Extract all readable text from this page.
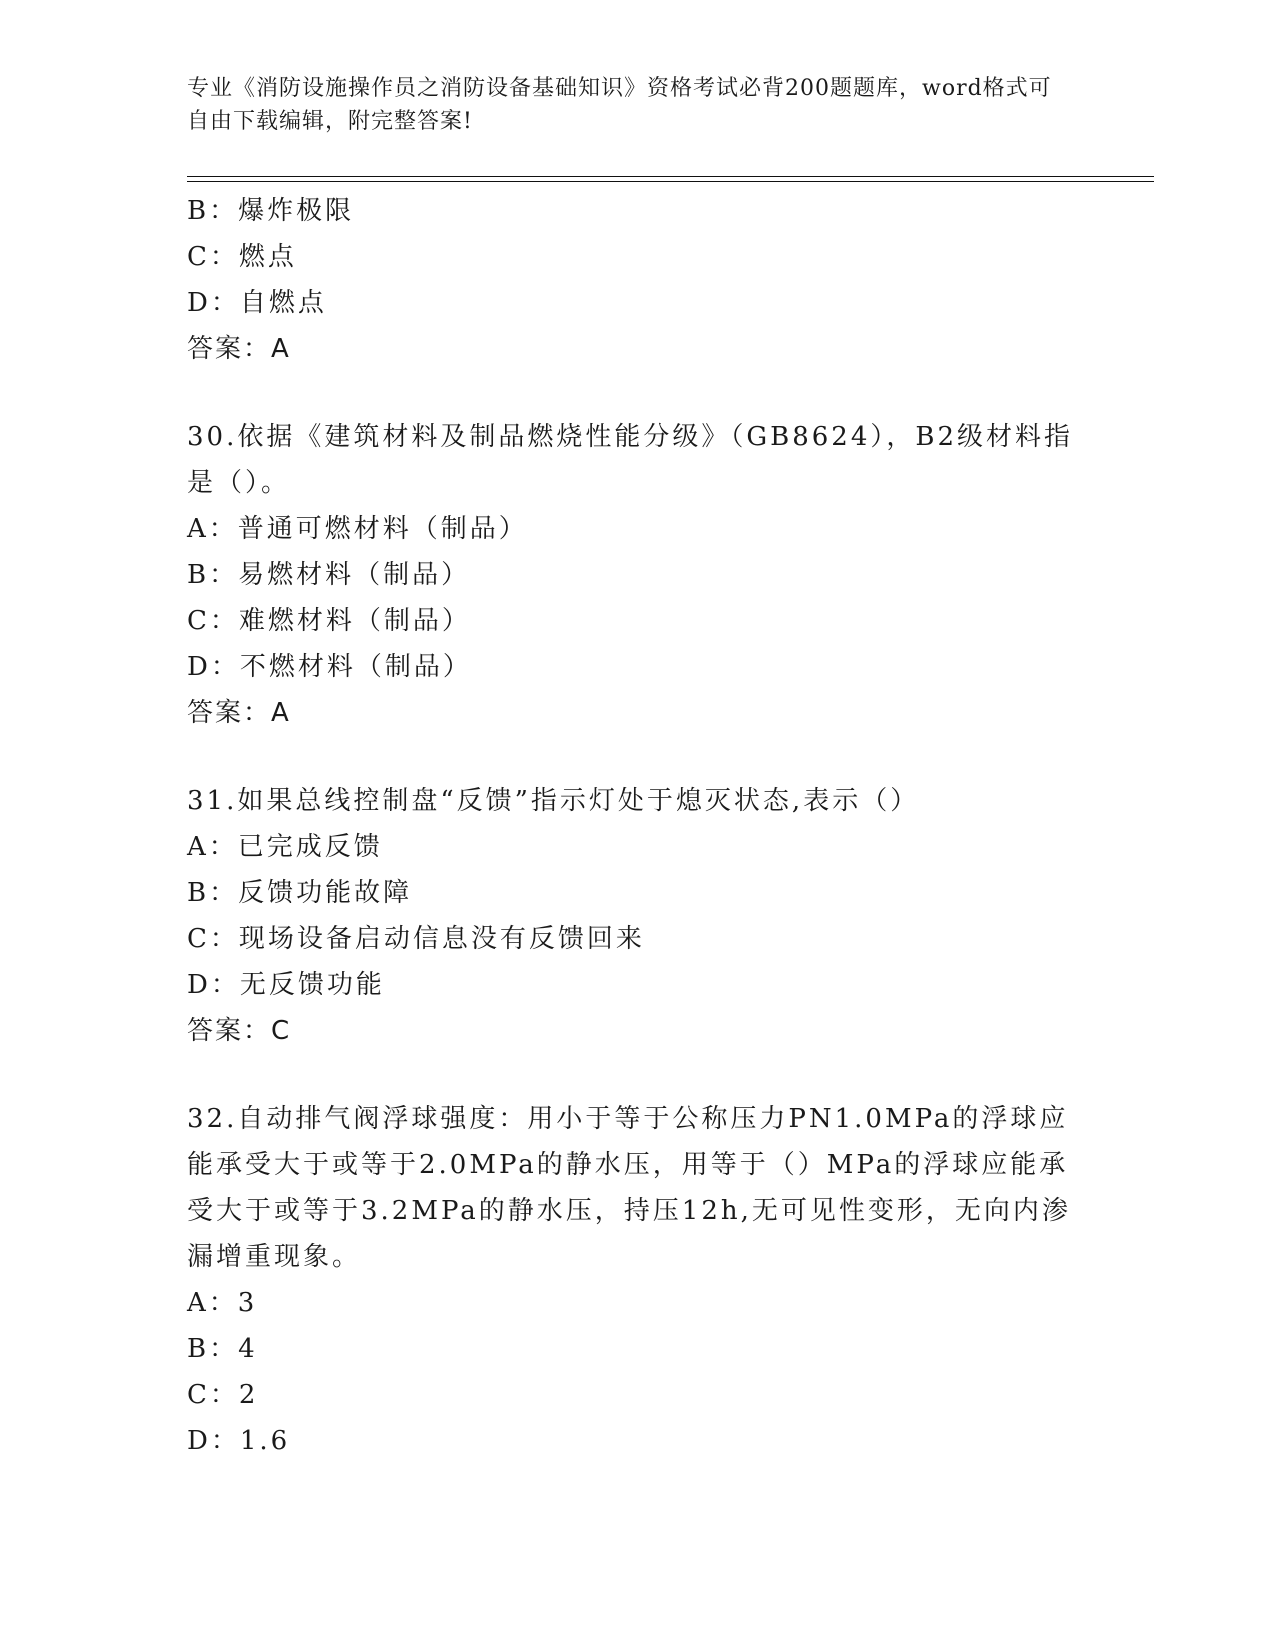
专业《消防设施操作员之消防设备基础知识》资格考试必背200题题库，word格式可自由下载编辑，附完整答案!
B：爆炸极限
C：燃点
D：自燃点
答案：A
30.依据《建筑材料及制品燃烧性能分级》（GB8624），B2级材料指是（）。
A：普通可燃材料（制品）
B：易燃材料（制品）
C：难燃材料（制品）
D：不燃材料（制品）
答案：A
31.如果总线控制盘“反馈”指示灯处于熄灭状态,表示（）
A：已完成反馈
B：反馈功能故障
C：现场设备启动信息没有反馈回来
D：无反馈功能
答案：C
32.自动排气阀浮球强度：用小于等于公称压力PN1.0MPa的浮球应能承受大于或等于2.0MPa的静水压，用等于（）MPa的浮球应能承受大于或等于3.2MPa的静水压，持压12h,无可见性变形，无向内渗漏增重现象。
A：3
B：4
C：2
D：1.6
